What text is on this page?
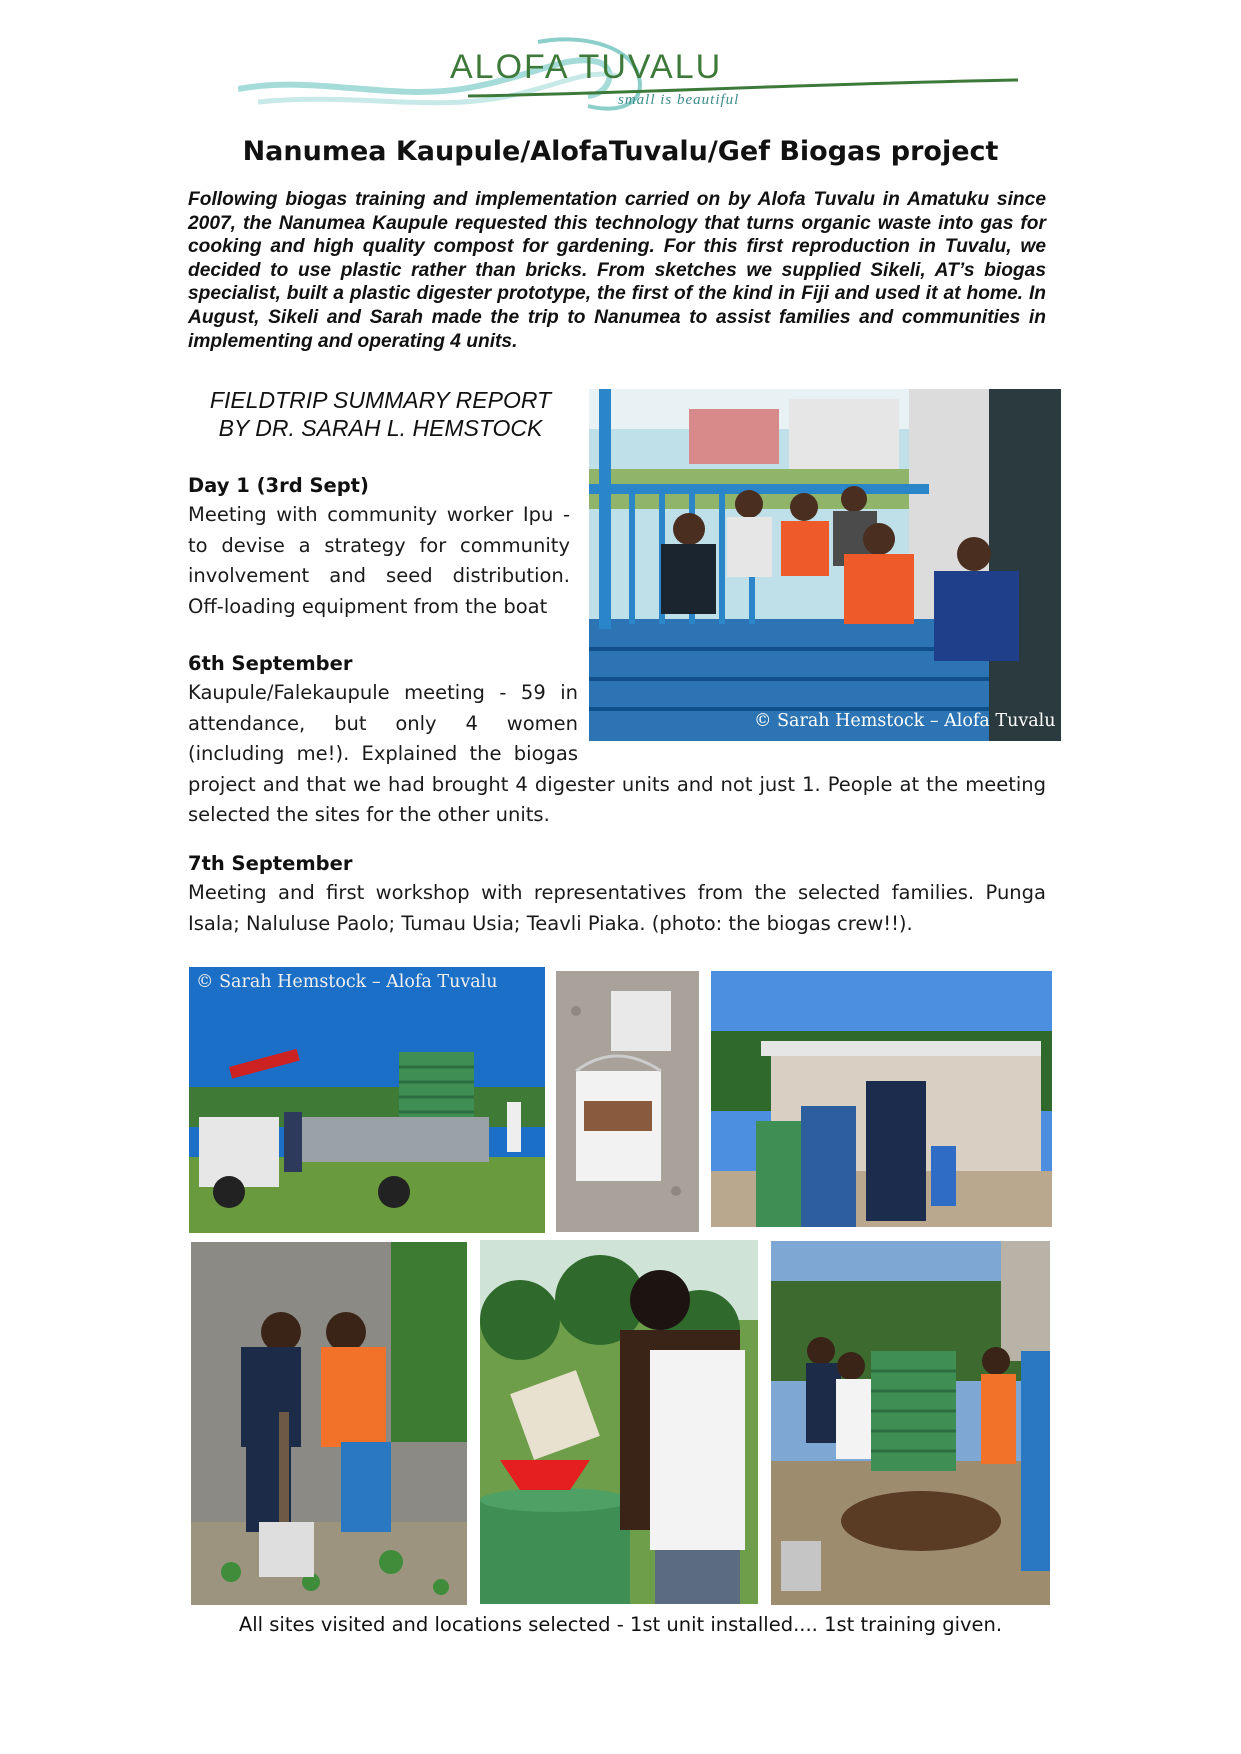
ALOFA TUVALU
small is beautiful
Nanumea Kaupule/AlofaTuvalu/Gef Biogas project
Following biogas training and implementation carried on by Alofa Tuvalu in Amatuku since 2007, the Nanumea Kaupule requested this technology that turns organic waste into gas for cooking and high quality compost for gardening. For this first reproduction in Tuvalu, we decided to use plastic rather than bricks. From sketches we supplied Sikeli, AT’s biogas specialist, built a plastic digester prototype, the first of the kind in Fiji and used it at home. In August, Sikeli and Sarah made the trip to Nanumea to assist families and communities in implementing and operating 4 units.
FIELDTRIP SUMMARY REPORT
BY DR. SARAH L. HEMSTOCK
© Sarah Hemstock – Alofa Tuvalu
Day 1 (3rd Sept)
Meeting with community worker Ipu - to devise a strategy for community involvement and seed distribution. Off-loading equipment from the boat
6th September
Kaupule/Falekaupule meeting - 59 in attendance, but only 4 women (including me!). Explained the biogas project and that we had brought 4 digester units and not just 1. People at the meeting selected the sites for the other units.
7th September
Meeting and first workshop with representatives from the selected families. Punga Isala; Naluluse Paolo; Tumau Usia; Teavli Piaka. (photo: the biogas crew!!).
© Sarah Hemstock – Alofa Tuvalu
All sites visited and locations selected - 1st unit installed.... 1st training given.
